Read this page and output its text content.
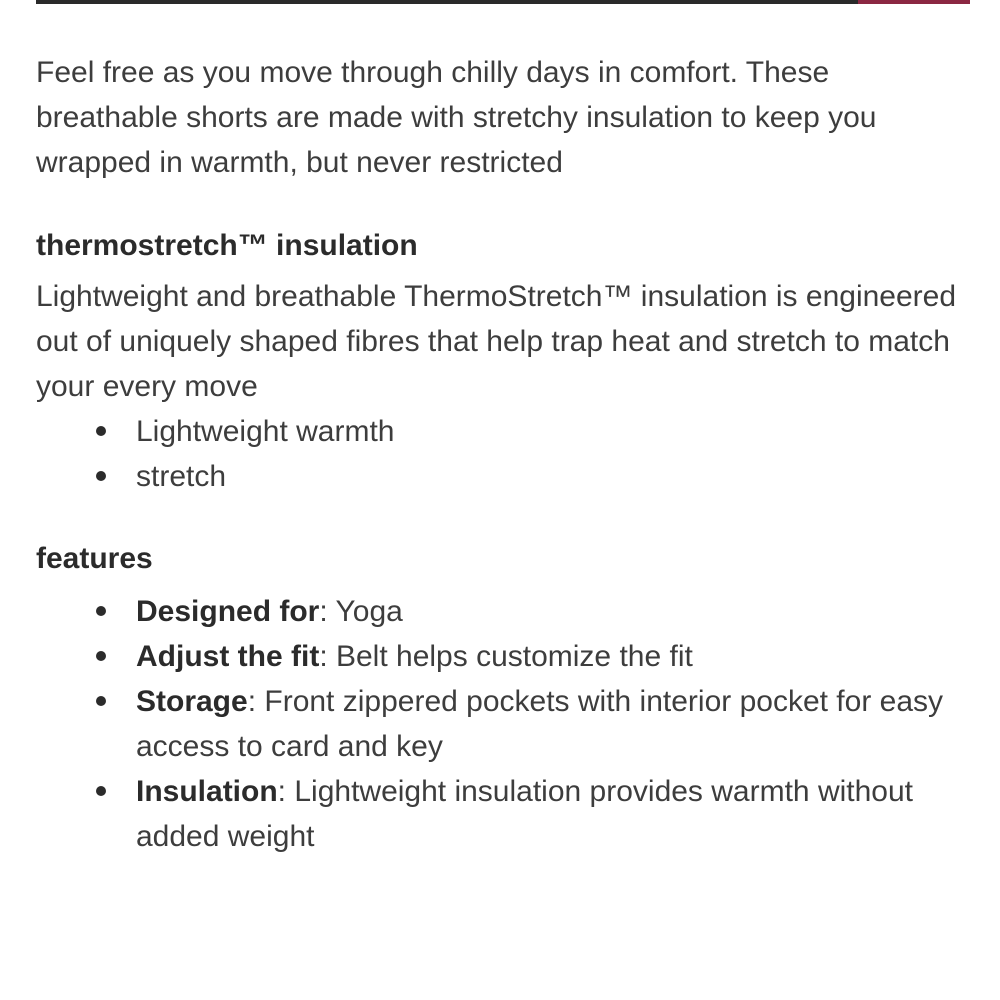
Feel free as you move through chilly days in comfort. These breathable shorts are made with stretchy insulation to keep you wrapped in warmth, but never restricted

thermostretch™ insulation

Lightweight and breathable ThermoStretch™ insulation is engineered out of uniquely shaped fibres that help trap heat and stretch to match your every move

Lightweight warmth
stretch
features
Designed for: Yoga
Adjust the fit: Belt helps customize the fit
Storage: Front zippered pockets with interior pocket for easy access to card and key
Insulation: Lightweight insulation provides warmth without added weight
